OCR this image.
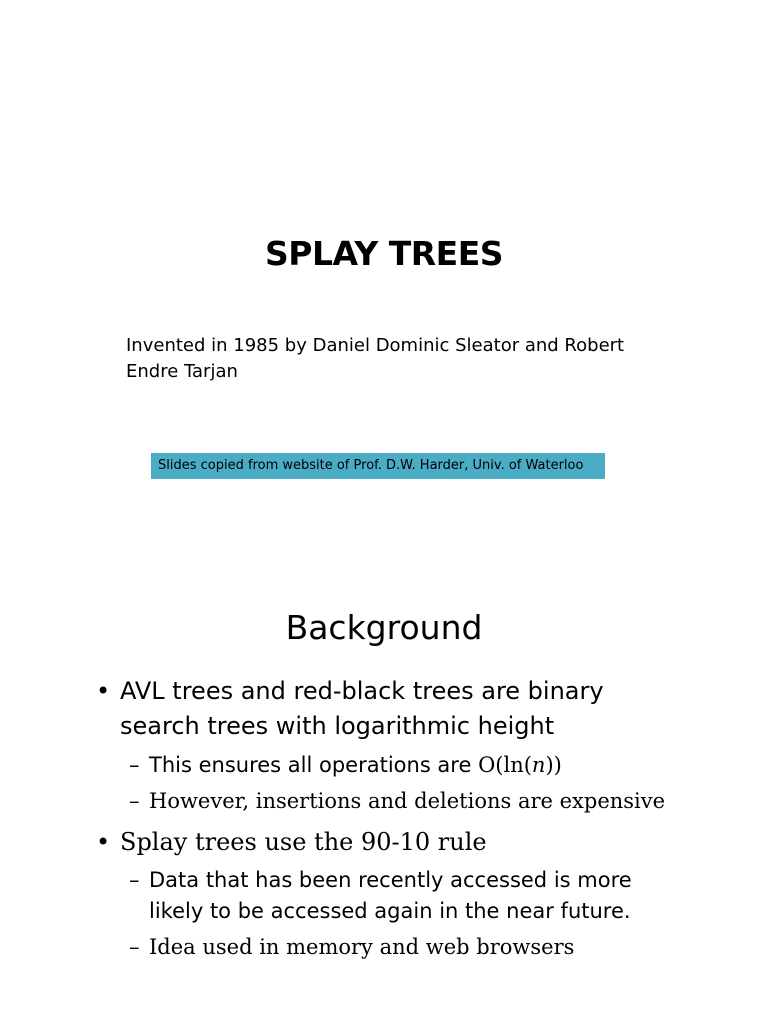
SPLAY TREES
Invented in 1985 by Daniel Dominic Sleator and Robert Endre Tarjan
Slides copied from website of Prof. D.W. Harder, Univ. of Waterloo
Background
• AVL trees and red-black trees are binary search trees with logarithmic height
– This ensures all operations are O(ln(n))
– However, insertions and deletions are expensive
• Splay trees use the 90-10 rule
– Data that has been recently accessed is more likely to be accessed again in the near future.
– Idea used in memory and web browsers
